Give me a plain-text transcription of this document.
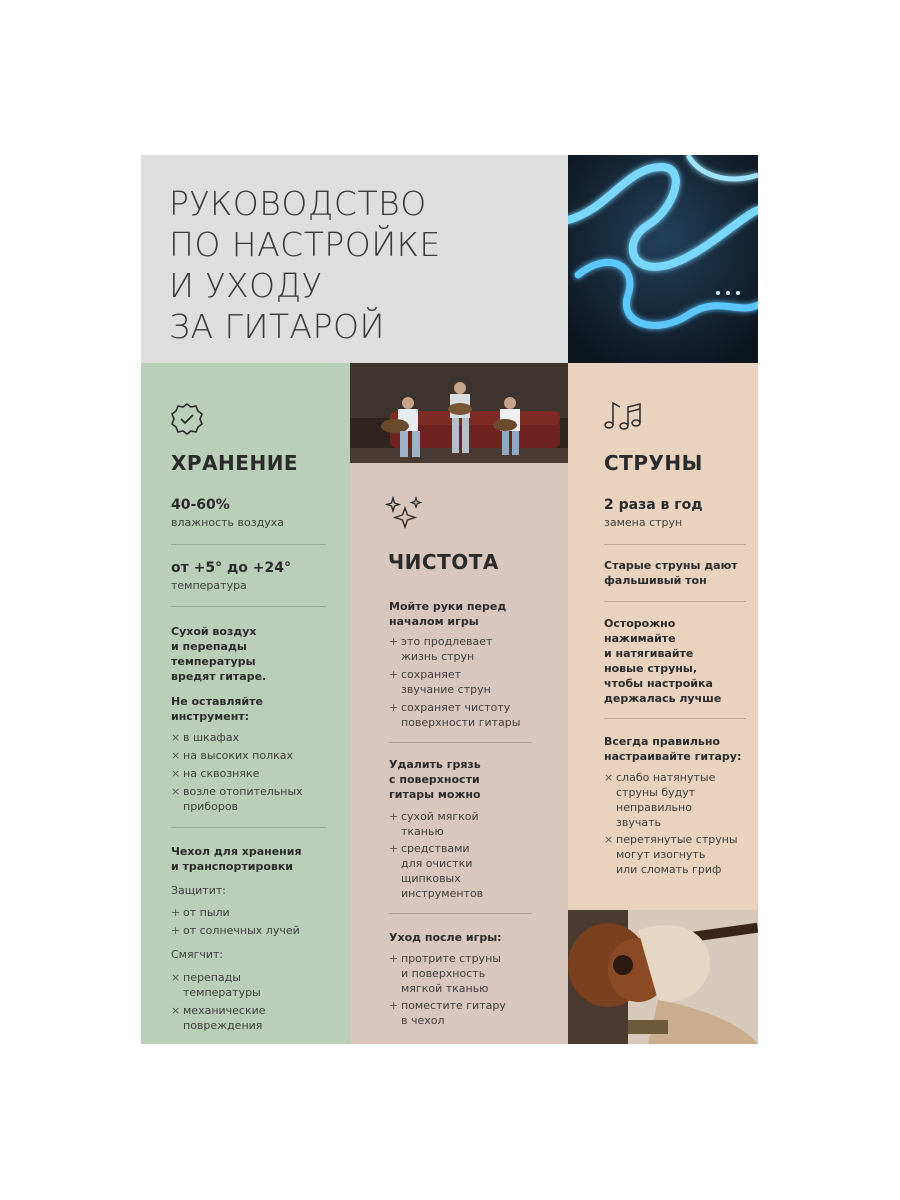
РУКОВОДСТВО
ПО НАСТРОЙКЕ
И УХОДУ
ЗА ГИТАРОЙ
ХРАНЕНИЕ
40-60%
влажность воздуха
от +5° до +24°
температура
Сухой воздух
и перепады
температуры
вредят гитаре.
Не оставляйте
инструмент:
× в шкафах
× на высоких полках
× на сквозняке
× возле отопительных
приборов
Чехол для хранения
и транспортировки
Защитит:
+ от пыли
+ от солнечных лучей
Смягчит:
× перепады
температуры
× механические
повреждения
ЧИСТОТА
Мойте руки перед
началом игры
+ это продлевает
жизнь струн
+ сохраняет
звучание струн
+ сохраняет чистоту
поверхности гитары
Удалить грязь
с поверхности
гитары можно
+ сухой мягкой
тканью
+ средствами
для очистки
щипковых
инструментов
Уход после игры:
+ протрите струны
и поверхность
мягкой тканью
+ поместите гитару
в чехол
СТРУНЫ
2 раза в год
замена струн
Старые струны дают
фальшивый тон
Осторожно
нажимайте
и натягивайте
новые струны,
чтобы настройка
держалась лучше
Всегда правильно
настраивайте гитару:
× слабо натянутые
струны будут
неправильно
звучать
× перетянутые струны
могут изогнуть
или сломать гриф
